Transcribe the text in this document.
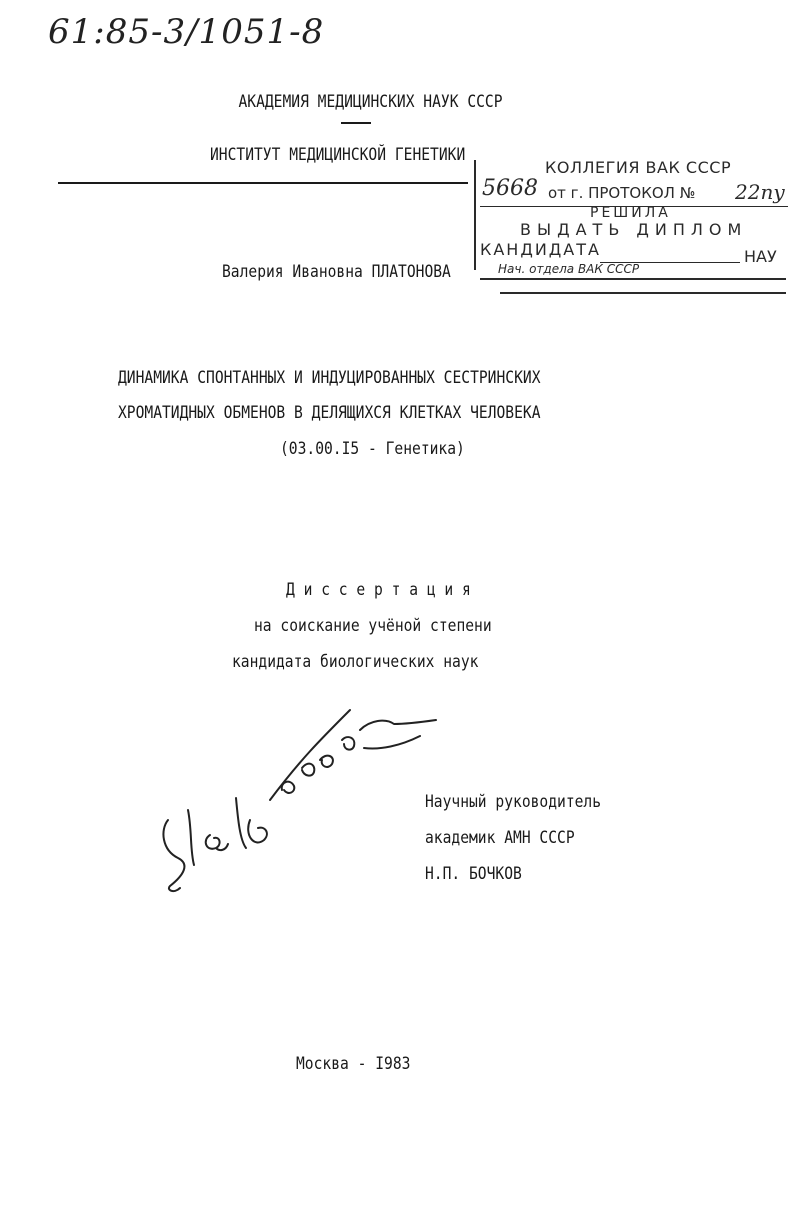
61:85-3/1051-8
АКАДЕМИЯ МЕДИЦИНСКИХ НАУК СССР
ИНСТИТУТ МЕДИЦИНСКОЙ ГЕНЕТИКИ
КОЛЛЕГИЯ ВАК СССР
5668 от г. ПРОТОКОЛ № 22пу
РЕШИЛА
ВЫДАТЬ ДИПЛОМ
КАНДИДАТА	НАУ
Нач. отдела ВАК СССР
Валерия Ивановна ПЛАТОНОВА
ДИНАМИКА СПОНТАННЫХ И ИНДУЦИРОВАННЫХ СЕСТРИНСКИХ
ХРОМАТИДНЫХ ОБМЕНОВ В ДЕЛЯЩИХСЯ КЛЕТКАХ ЧЕЛОВЕКА
(03.00.I5 - Генетика)
Д и с с е р т а ц и я
на соискание учёной степени
кандидата биологических наук
Научный руководитель
академик АМН СССР
Н.П. БОЧКОВ
Москва - I983
